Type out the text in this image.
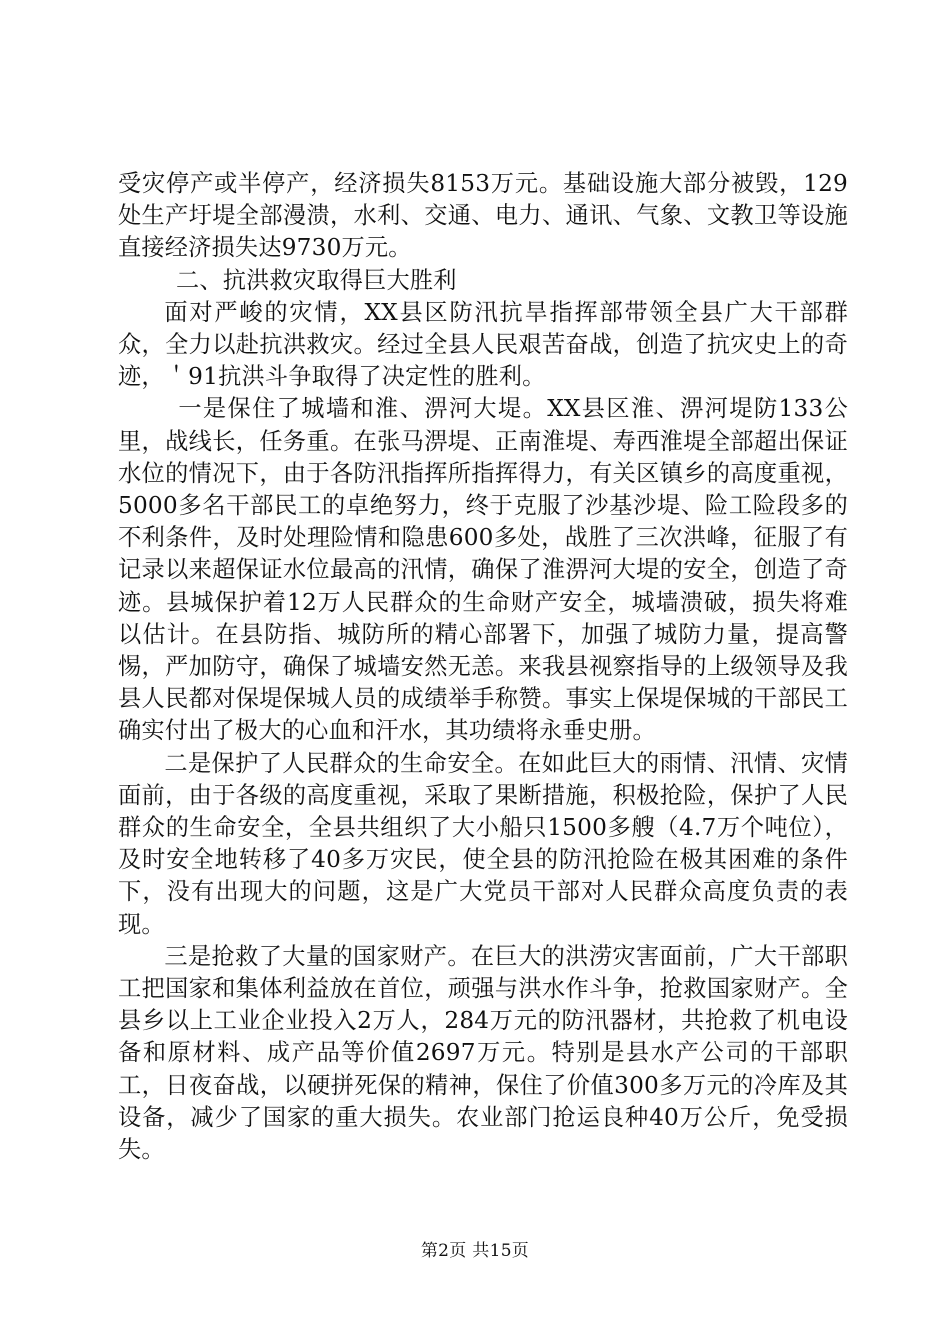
受灾停产或半停产，经济损失8153万元。基础设施大部分被毁，129处生产圩堤全部漫溃，水利、交通、电力、通讯、气象、文教卫等设施直接经济损失达9730万元。

二、抗洪救灾取得巨大胜利

面对严峻的灾情，XX县区防汛抗旱指挥部带领全县广大干部群众，全力以赴抗洪救灾。经过全县人民艰苦奋战，创造了抗灾史上的奇迹，＇91抗洪斗争取得了决定性的胜利。

一是保住了城墙和淮、淠河大堤。XX县区淮、淠河堤防133公里，战线长，任务重。在张马淠堤、正南淮堤、寿西淮堤全部超出保证水位的情况下，由于各防汛指挥所指挥得力，有关区镇乡的高度重视，5000多名干部民工的卓绝努力，终于克服了沙基沙堤、险工险段多的不利条件，及时处理险情和隐患600多处，战胜了三次洪峰，征服了有记录以来超保证水位最高的汛情，确保了淮淠河大堤的安全，创造了奇迹。县城保护着12万人民群众的生命财产安全，城墙溃破，损失将难以估计。在县防指、城防所的精心部署下，加强了城防力量，提高警惕，严加防守，确保了城墙安然无恙。来我县视察指导的上级领导及我县人民都对保堤保城人员的成绩举手称赞。事实上保堤保城的干部民工确实付出了极大的心血和汗水，其功绩将永垂史册。

二是保护了人民群众的生命安全。在如此巨大的雨情、汛情、灾情面前，由于各级的高度重视，采取了果断措施，积极抢险，保护了人民群众的生命安全，全县共组织了大小船只1500多艘（4.7万个吨位），及时安全地转移了40多万灾民，使全县的防汛抢险在极其困难的条件下，没有出现大的问题，这是广大党员干部对人民群众高度负责的表现。

三是抢救了大量的国家财产。在巨大的洪涝灾害面前，广大干部职工把国家和集体利益放在首位，顽强与洪水作斗争，抢救国家财产。全县乡以上工业企业投入2万人，284万元的防汛器材，共抢救了机电设备和原材料、成产品等价值2697万元。特别是县水产公司的干部职工，日夜奋战，以硬拼死保的精神，保住了价值300多万元的冷库及其设备，减少了国家的重大损失。农业部门抢运良种40万公斤，免受损失。

第2页 共15页
